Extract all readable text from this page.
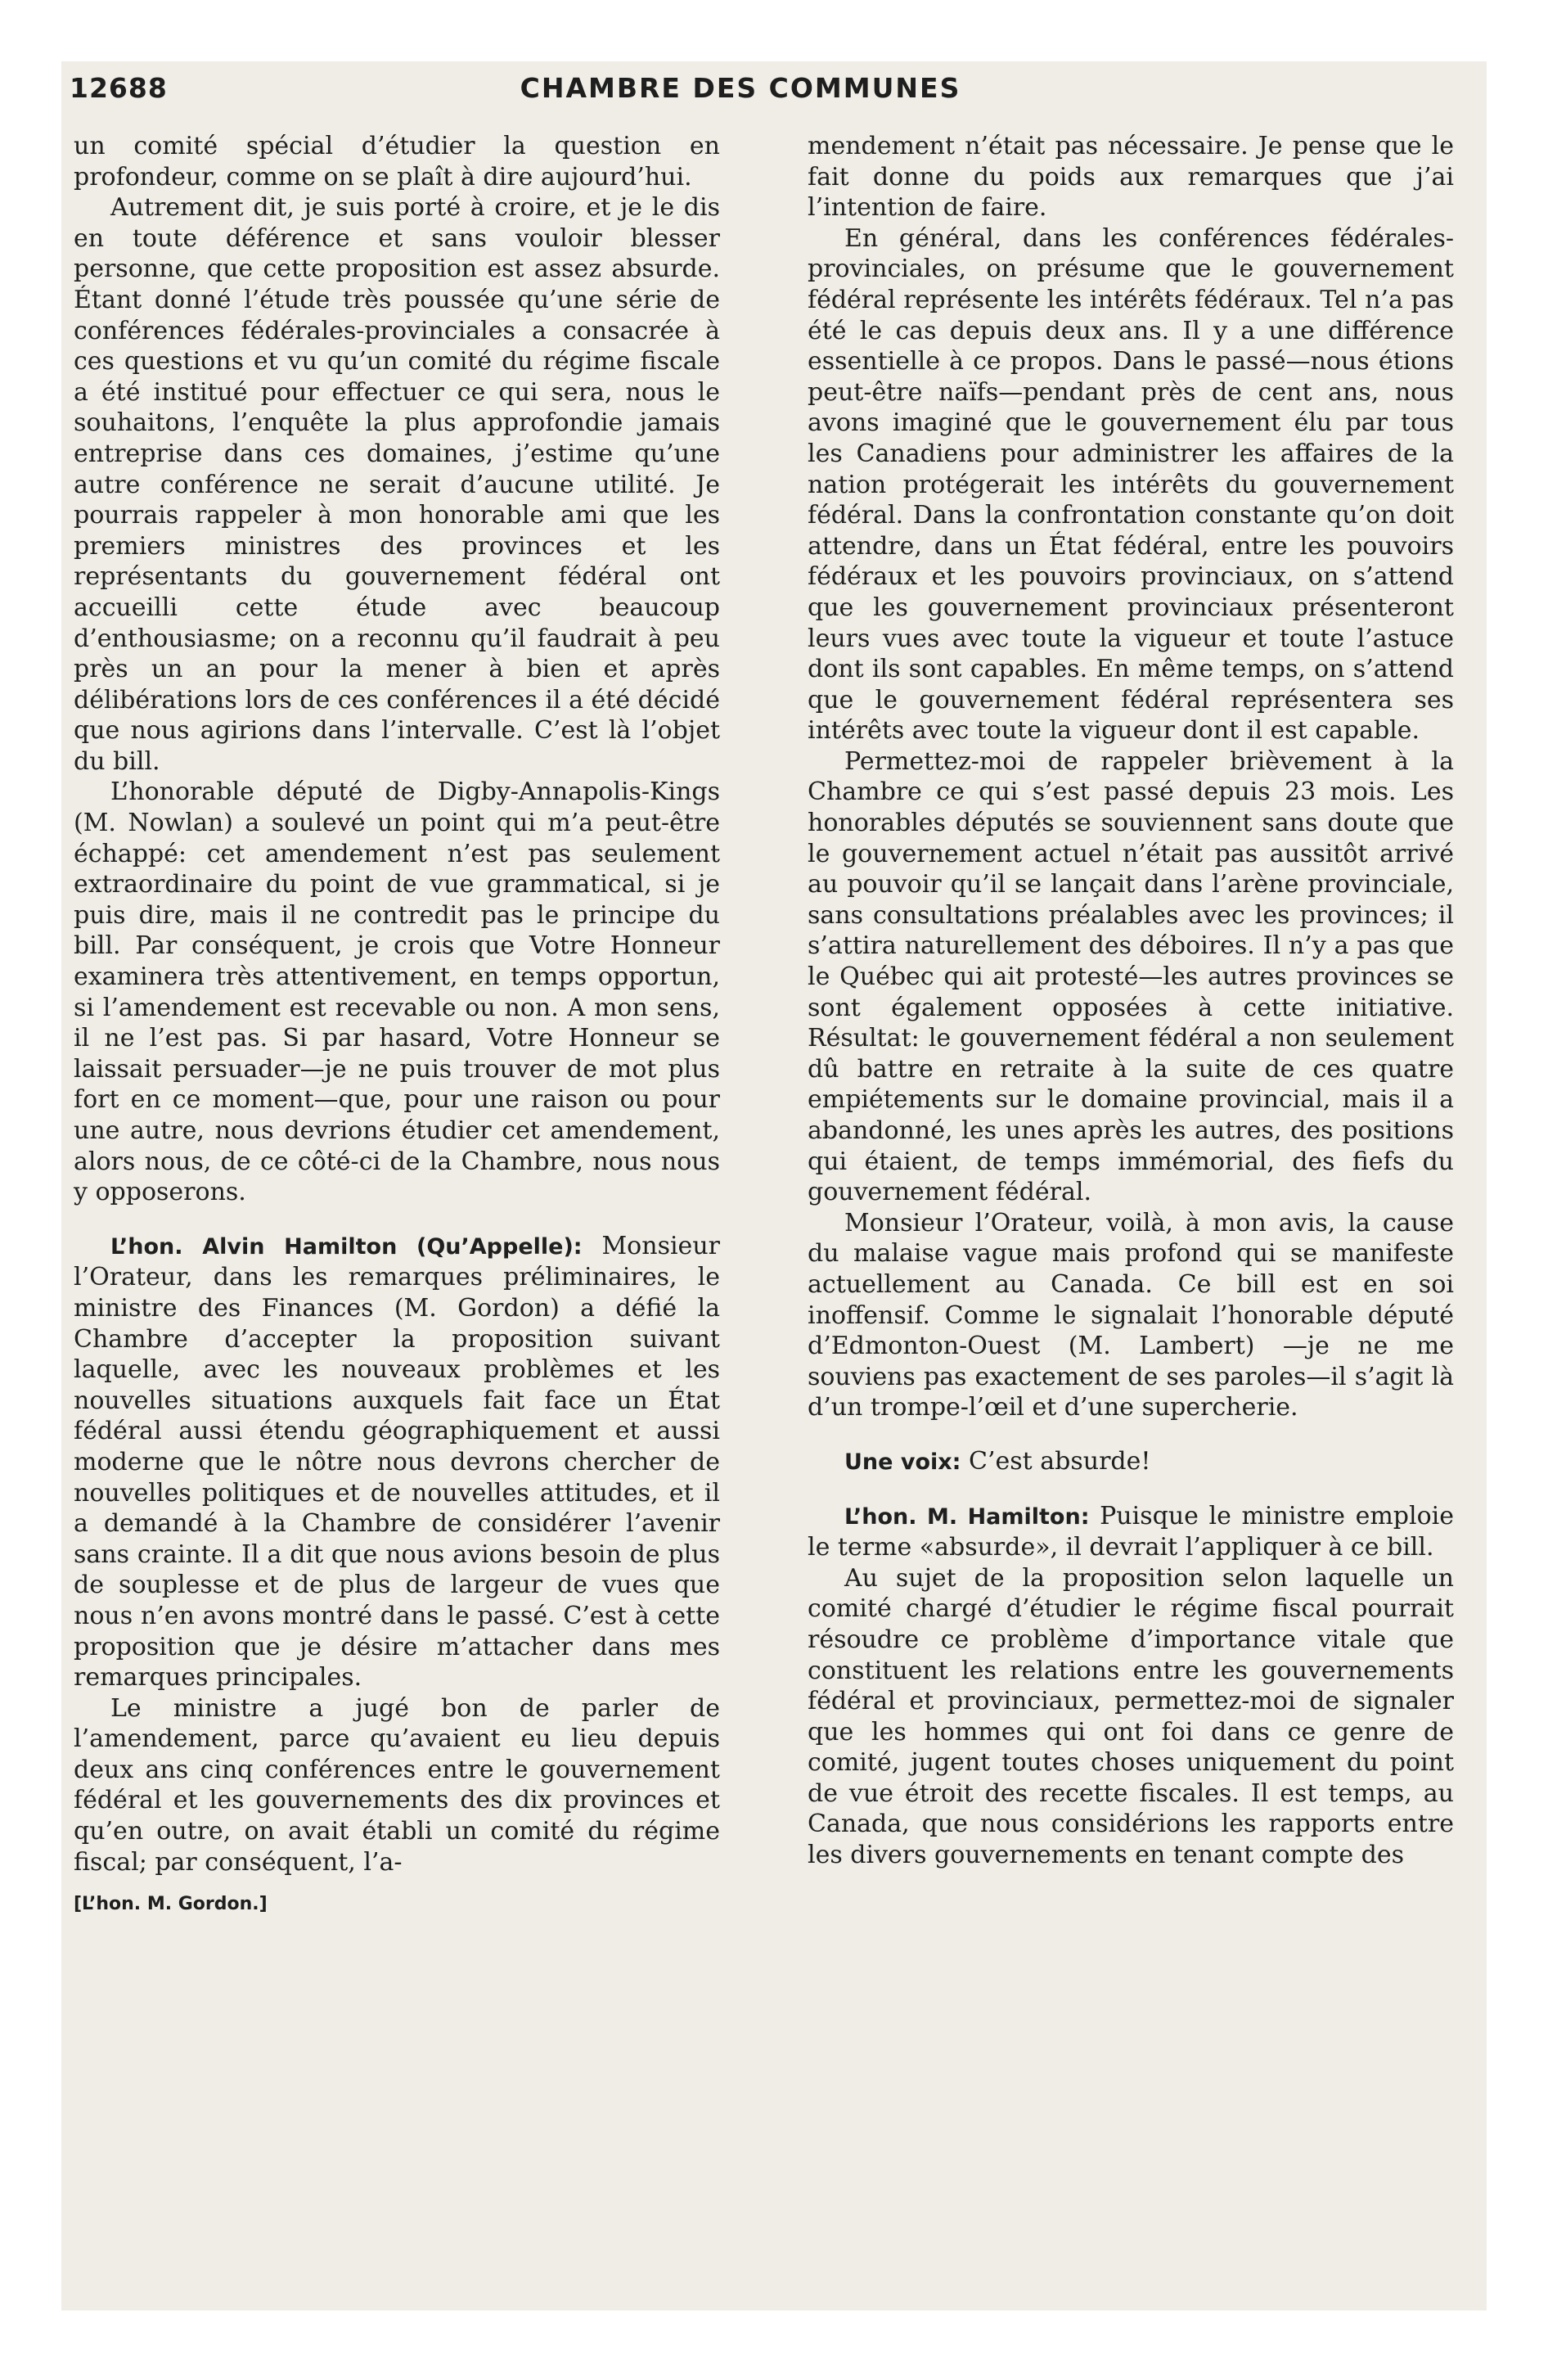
12688	CHAMBRE DES COMMUNES

un comité spécial d’étudier la question en profondeur, comme on se plaît à dire aujourd’hui.

Autrement dit, je suis porté à croire, et je le dis en toute déférence et sans vouloir blesser personne, que cette proposition est assez absurde. Étant donné l’étude très poussée qu’une série de conférences fédérales-provinciales a consacrée à ces questions et vu qu’un comité du régime fiscale a été institué pour effectuer ce qui sera, nous le souhaitons, l’enquête la plus approfondie jamais entreprise dans ces domaines, j’estime qu’une autre conférence ne serait d’aucune utilité. Je pourrais rappeler à mon honorable ami que les premiers ministres des provinces et les représentants du gouvernement fédéral ont accueilli cette étude avec beaucoup d’enthousiasme; on a reconnu qu’il faudrait à peu près un an pour la mener à bien et après délibérations lors de ces conférences il a été décidé que nous agirions dans l’intervalle. C’est là l’objet du bill.

L’honorable député de Digby-Annapolis-Kings (M. Nowlan) a soulevé un point qui m’a peut-être échappé: cet amendement n’est pas seulement extraordinaire du point de vue grammatical, si je puis dire, mais il ne contredit pas le principe du bill. Par conséquent, je crois que Votre Honneur examinera très attentivement, en temps opportun, si l’amendement est recevable ou non. A mon sens, il ne l’est pas. Si par hasard, Votre Honneur se laissait persuader—je ne puis trouver de mot plus fort en ce moment—que, pour une raison ou pour une autre, nous devrions étudier cet amendement, alors nous, de ce côté-ci de la Chambre, nous nous y opposerons.

L’hon. Alvin Hamilton (Qu’Appelle): Monsieur l’Orateur, dans les remarques préliminaires, le ministre des Finances (M. Gordon) a défié la Chambre d’accepter la proposition suivant laquelle, avec les nouveaux problèmes et les nouvelles situations auxquels fait face un État fédéral aussi étendu géographiquement et aussi moderne que le nôtre nous devrons chercher de nouvelles politiques et de nouvelles attitudes, et il a demandé à la Chambre de considérer l’avenir sans crainte. Il a dit que nous avions besoin de plus de souplesse et de plus de largeur de vues que nous n’en avons montré dans le passé. C’est à cette proposition que je désire m’attacher dans mes remarques principales.

Le ministre a jugé bon de parler de l’amendement, parce qu’avaient eu lieu depuis deux ans cinq conférences entre le gouvernement fédéral et les gouvernements des dix provinces et qu’en outre, on avait établi un comité du régime fiscal; par conséquent, l’a-

[L’hon. M. Gordon.]

mendement n’était pas nécessaire. Je pense que le fait donne du poids aux remarques que j’ai l’intention de faire.

En général, dans les conférences fédérales-provinciales, on présume que le gouvernement fédéral représente les intérêts fédéraux. Tel n’a pas été le cas depuis deux ans. Il y a une différence essentielle à ce propos. Dans le passé—nous étions peut-être naïfs—pendant près de cent ans, nous avons imaginé que le gouvernement élu par tous les Canadiens pour administrer les affaires de la nation protégerait les intérêts du gouvernement fédéral. Dans la confrontation constante qu’on doit attendre, dans un État fédéral, entre les pouvoirs fédéraux et les pouvoirs provinciaux, on s’attend que les gouvernement provinciaux présenteront leurs vues avec toute la vigueur et toute l’astuce dont ils sont capables. En même temps, on s’attend que le gouvernement fédéral représentera ses intérêts avec toute la vigueur dont il est capable.

Permettez-moi de rappeler brièvement à la Chambre ce qui s’est passé depuis 23 mois. Les honorables députés se souviennent sans doute que le gouvernement actuel n’était pas aussitôt arrivé au pouvoir qu’il se lançait dans l’arène provinciale, sans consultations préalables avec les provinces; il s’attira naturellement des déboires. Il n’y a pas que le Québec qui ait protesté—les autres provinces se sont également opposées à cette initiative. Résultat: le gouvernement fédéral a non seulement dû battre en retraite à la suite de ces quatre empiétements sur le domaine provincial, mais il a abandonné, les unes après les autres, des positions qui étaient, de temps immémorial, des fiefs du gouvernement fédéral.

Monsieur l’Orateur, voilà, à mon avis, la cause du malaise vague mais profond qui se manifeste actuellement au Canada. Ce bill est en soi inoffensif. Comme le signalait l’honorable député d’Edmonton-Ouest (M. Lambert) —je ne me souviens pas exactement de ses paroles—il s’agit là d’un trompe-l’œil et d’une supercherie.

Une voix: C’est absurde!

L’hon. M. Hamilton: Puisque le ministre emploie le terme «absurde», il devrait l’appliquer à ce bill.

Au sujet de la proposition selon laquelle un comité chargé d’étudier le régime fiscal pourrait résoudre ce problème d’importance vitale que constituent les relations entre les gouvernements fédéral et provinciaux, permettez-moi de signaler que les hommes qui ont foi dans ce genre de comité, jugent toutes choses uniquement du point de vue étroit des recette fiscales. Il est temps, au Canada, que nous considérions les rapports entre les divers gouvernements en tenant compte des
